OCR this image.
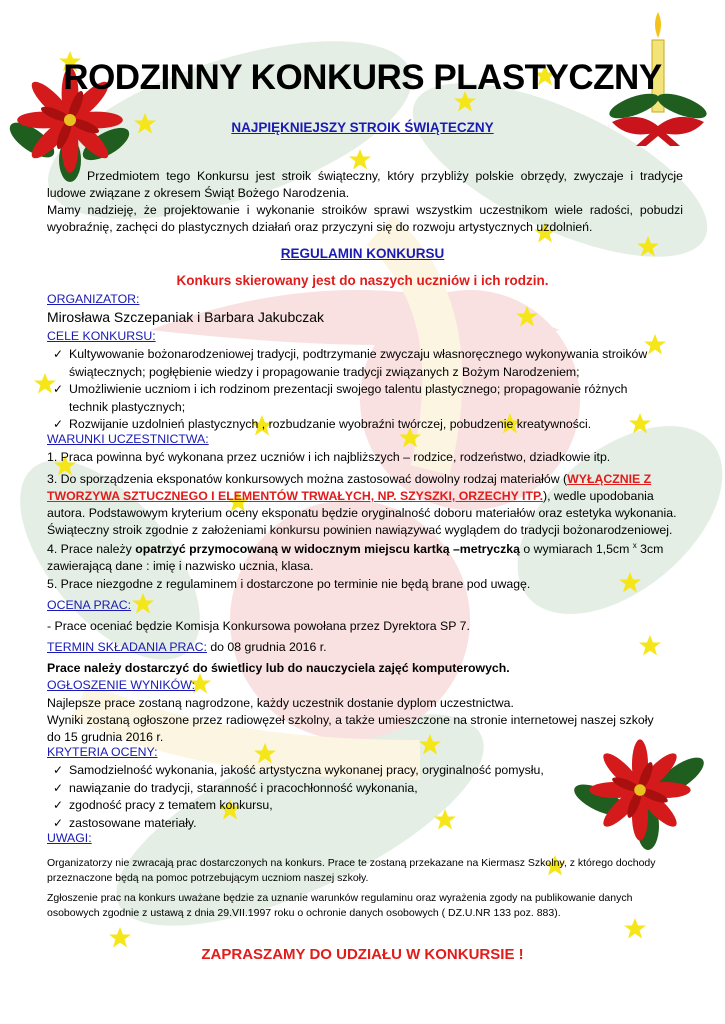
RODZINNY KONKURS PLASTYCZNY
NAJPIĘKNIEJSZY STROIK ŚWIĄTECZNY

Przedmiotem tego Konkursu jest stroik świąteczny, który przybliży polskie obrzędy, zwyczaje i tradycje ludowe związane z okresem Świąt Bożego Narodzenia.

Mamy nadzieję, że projektowanie i wykonanie stroików sprawi wszystkim uczestnikom wiele radości, pobudzi wyobraźnię, zachęci do plastycznych działań oraz przyczyni się do rozwoju artystycznych uzdolnień.

REGULAMIN KONKURSU
Konkurs skierowany jest do naszych uczniów i ich rodzin.
ORGANIZATOR:
Mirosława Szczepaniak i Barbara Jakubczak
CELE KONKURSU:
✓ Kultywowanie bożonarodzeniowej tradycji, podtrzymanie zwyczaju własnoręcznego wykonywania stroików świątecznych; pogłębienie wiedzy i propagowanie tradycji związanych z Bożym Narodzeniem;
✓ Umożliwienie uczniom i ich rodzinom prezentacji swojego talentu plastycznego; propagowanie różnych technik plastycznych;
✓ Rozwijanie uzdolnień plastycznych , rozbudzanie wyobraźni twórczej, pobudzenie kreatywności.
WARUNKI UCZESTNICTWA:
1. Praca powinna być wykonana przez uczniów i ich najbliższych – rodzice, rodzeństwo, dziadkowie itp.
3. Do sporządzenia eksponatów konkursowych można zastosować dowolny rodzaj materiałów (WYŁĄCZNIE Z TWORZYWA SZTUCZNEGO I ELEMENTÓW TRWAŁYCH, NP. SZYSZKI, ORZECHY ITP.), wedle upodobania autora. Podstawowym kryterium oceny eksponatu będzie oryginalność doboru materiałów oraz estetyka wykonania. Świąteczny stroik zgodnie z założeniami konkursu powinien nawiązywać wyglądem do tradycji bożonarodzeniowej.
4. Prace należy opatrzyć przymocowaną w widocznym miejscu kartką –metryczką o wymiarach 1,5cm $^x$ 3cm zawierającą dane : imię i nazwisko ucznia, klasa.
5. Prace niezgodne z regulaminem i dostarczone po terminie nie będą brane pod uwagę.
OCENA PRAC:
- Prace oceniać będzie Komisja Konkursowa powołana przez Dyrektora SP 7.
TERMIN SKŁADANIA PRAC: do 08 grudnia 2016 r.
Prace należy dostarczyć do świetlicy lub do nauczyciela zajęć komputerowych.
OGŁOSZENIE WYNIKÓW:
Najlepsze prace zostaną nagrodzone, każdy uczestnik dostanie dyplom uczestnictwa.
Wyniki zostaną ogłoszone przez radiowęzeł szkolny, a także umieszczone na stronie internetowej naszej szkoły do 15 grudnia 2016 r.
KRYTERIA OCENY:
✓ Samodzielność wykonania, jakość artystyczna wykonanej pracy, oryginalność pomysłu,
✓ nawiązanie do tradycji, staranność i pracochłonność wykonania,
✓ zgodność pracy z tematem konkursu,
✓ zastosowane materiały.
UWAGI:
Organizatorzy nie zwracają prac dostarczonych na konkurs. Prace te zostaną przekazane na Kiermasz Szkolny, z którego dochody przeznaczone będą na pomoc potrzebującym uczniom naszej szkoły.
Zgłoszenie prac na konkurs uważane będzie za uznanie warunków regulaminu oraz wyrażenia zgody na publikowanie danych osobowych zgodnie z ustawą z dnia 29.VII.1997 roku o ochronie danych osobowych ( DZ.U.NR 133 poz. 883).
ZAPRASZAMY DO UDZIAŁU W KONKURSIE !
